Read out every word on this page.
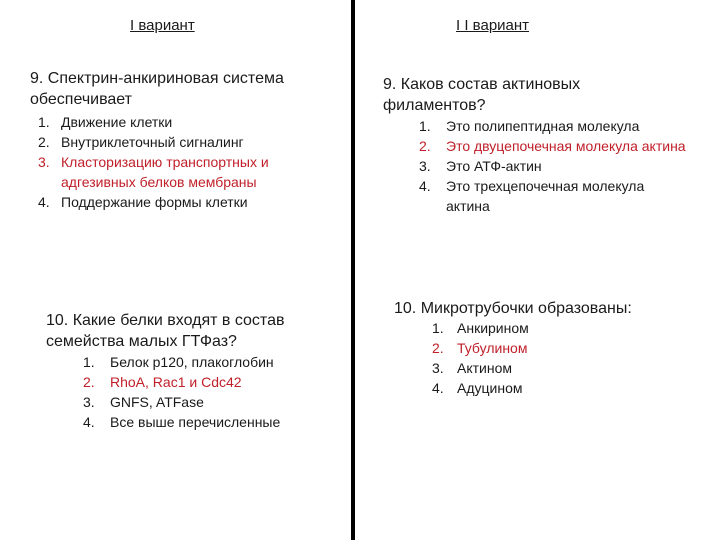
I вариант
9. Спектрин-анкириновая система обеспечивает
1. Движение клетки
2. Внутриклеточный сигналинг
3. Кластоpизацию транспортных и адгезивных белков мембраны
4. Поддержание формы клетки
10. Какие белки входят в состав семейства малых ГТФаз?
1.	Белок p120, плакоглобин
2.	RhoA, Rac1 и Cdc42
3.	GNFS, ATFase
4.	Все выше перечисленные
I I вариант
9. Каков состав актиновых филаментов?
1.	Это полипептидная молекула
2.	Это двуцепочечная молекула актина
3.	Это АТФ-актин
4.	Это трехцепочечная молекула актина
10. Микротрубочки образованы:
1. Анкирином
2. Тубулином
3. Актином
4. Адуцином
